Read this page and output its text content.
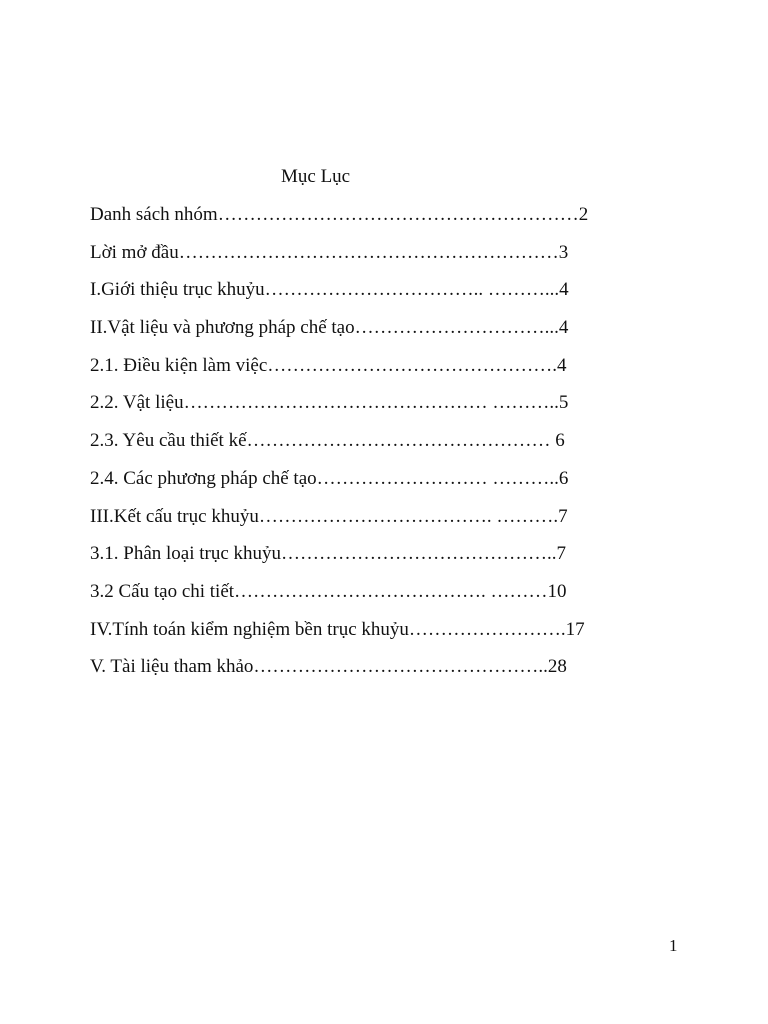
Mục Lục
Danh sách nhóm…………………………………………………2
Lời mở đầu……………………………………………………3
I.Giới thiệu trục khuỷu…………………………….. ………...4
II.Vật liệu và phương pháp chế tạo…………………………...4
2.1. Điều kiện làm việc……………………………………….4
2.2. Vật liệu………………………………………… ………..5
2.3. Yêu cầu thiết kế………………………………………… 6
2.4. Các phương pháp chế tạo……………………… ………..6
III.Kết cấu trục khuỷu………………………………. ……….7
3.1. Phân loại trục khuỷu……………………………………..7
3.2 Cấu tạo chi tiết…………………………………. ………10
IV.Tính toán kiểm nghiệm bền trục khuỷu…………………….17
V. Tài liệu tham khảo………………………………………..28
1
